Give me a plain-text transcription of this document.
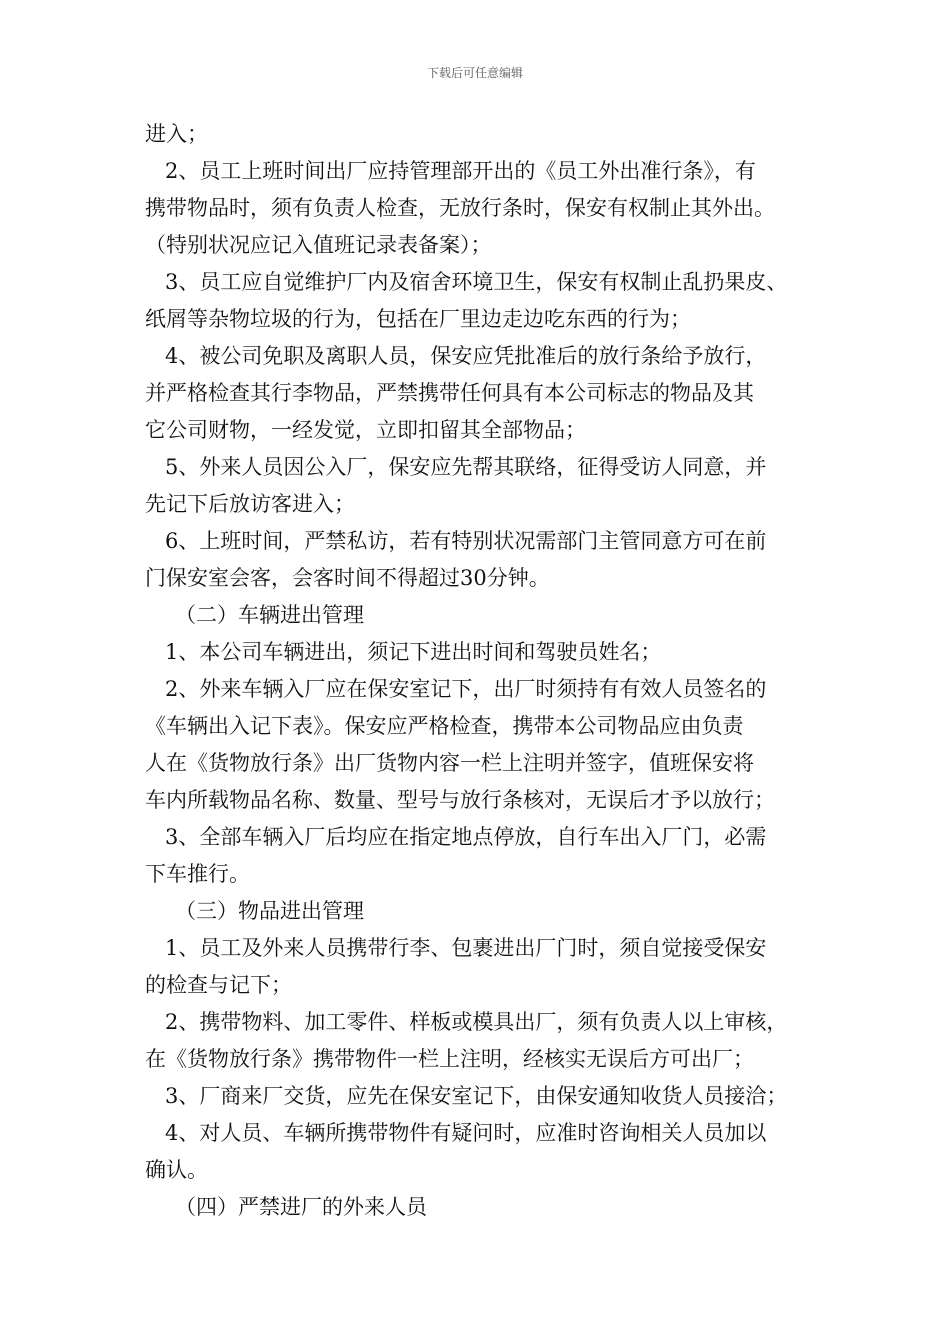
下载后可任意编辑
进入；
2、员工上班时间出厂应持管理部开出的《员工外出准行条》，有
携带物品时，须有负责人检查，无放行条时，保安有权制止其外出。
（特别状况应记入值班记录表备案）；
3、员工应自觉维护厂内及宿舍环境卫生，保安有权制止乱扔果皮、
纸屑等杂物垃圾的行为，包括在厂里边走边吃东西的行为；
4、被公司免职及离职人员，保安应凭批准后的放行条给予放行，
并严格检查其行李物品，严禁携带任何具有本公司标志的物品及其
它公司财物，一经发觉，立即扣留其全部物品；
5、外来人员因公入厂，保安应先帮其联络，征得受访人同意，并
先记下后放访客进入；
6、上班时间，严禁私访，若有特别状况需部门主管同意方可在前
门保安室会客，会客时间不得超过30分钟。
（二）车辆进出管理
1、本公司车辆进出，须记下进出时间和驾驶员姓名；
2、外来车辆入厂应在保安室记下，出厂时须持有有效人员签名的
《车辆出入记下表》。保安应严格检查，携带本公司物品应由负责
人在《货物放行条》出厂货物内容一栏上注明并签字，值班保安将
车内所载物品名称、数量、型号与放行条核对，无误后才予以放行；
3、全部车辆入厂后均应在指定地点停放，自行车出入厂门，必需
下车推行。
（三）物品进出管理
1、员工及外来人员携带行李、包裹进出厂门时，须自觉接受保安
的检查与记下；
2、携带物料、加工零件、样板或模具出厂，须有负责人以上审核，
在《货物放行条》携带物件一栏上注明，经核实无误后方可出厂；
3、厂商来厂交货，应先在保安室记下，由保安通知收货人员接洽；
4、对人员、车辆所携带物件有疑问时，应准时咨询相关人员加以
确认。
（四）严禁进厂的外来人员
